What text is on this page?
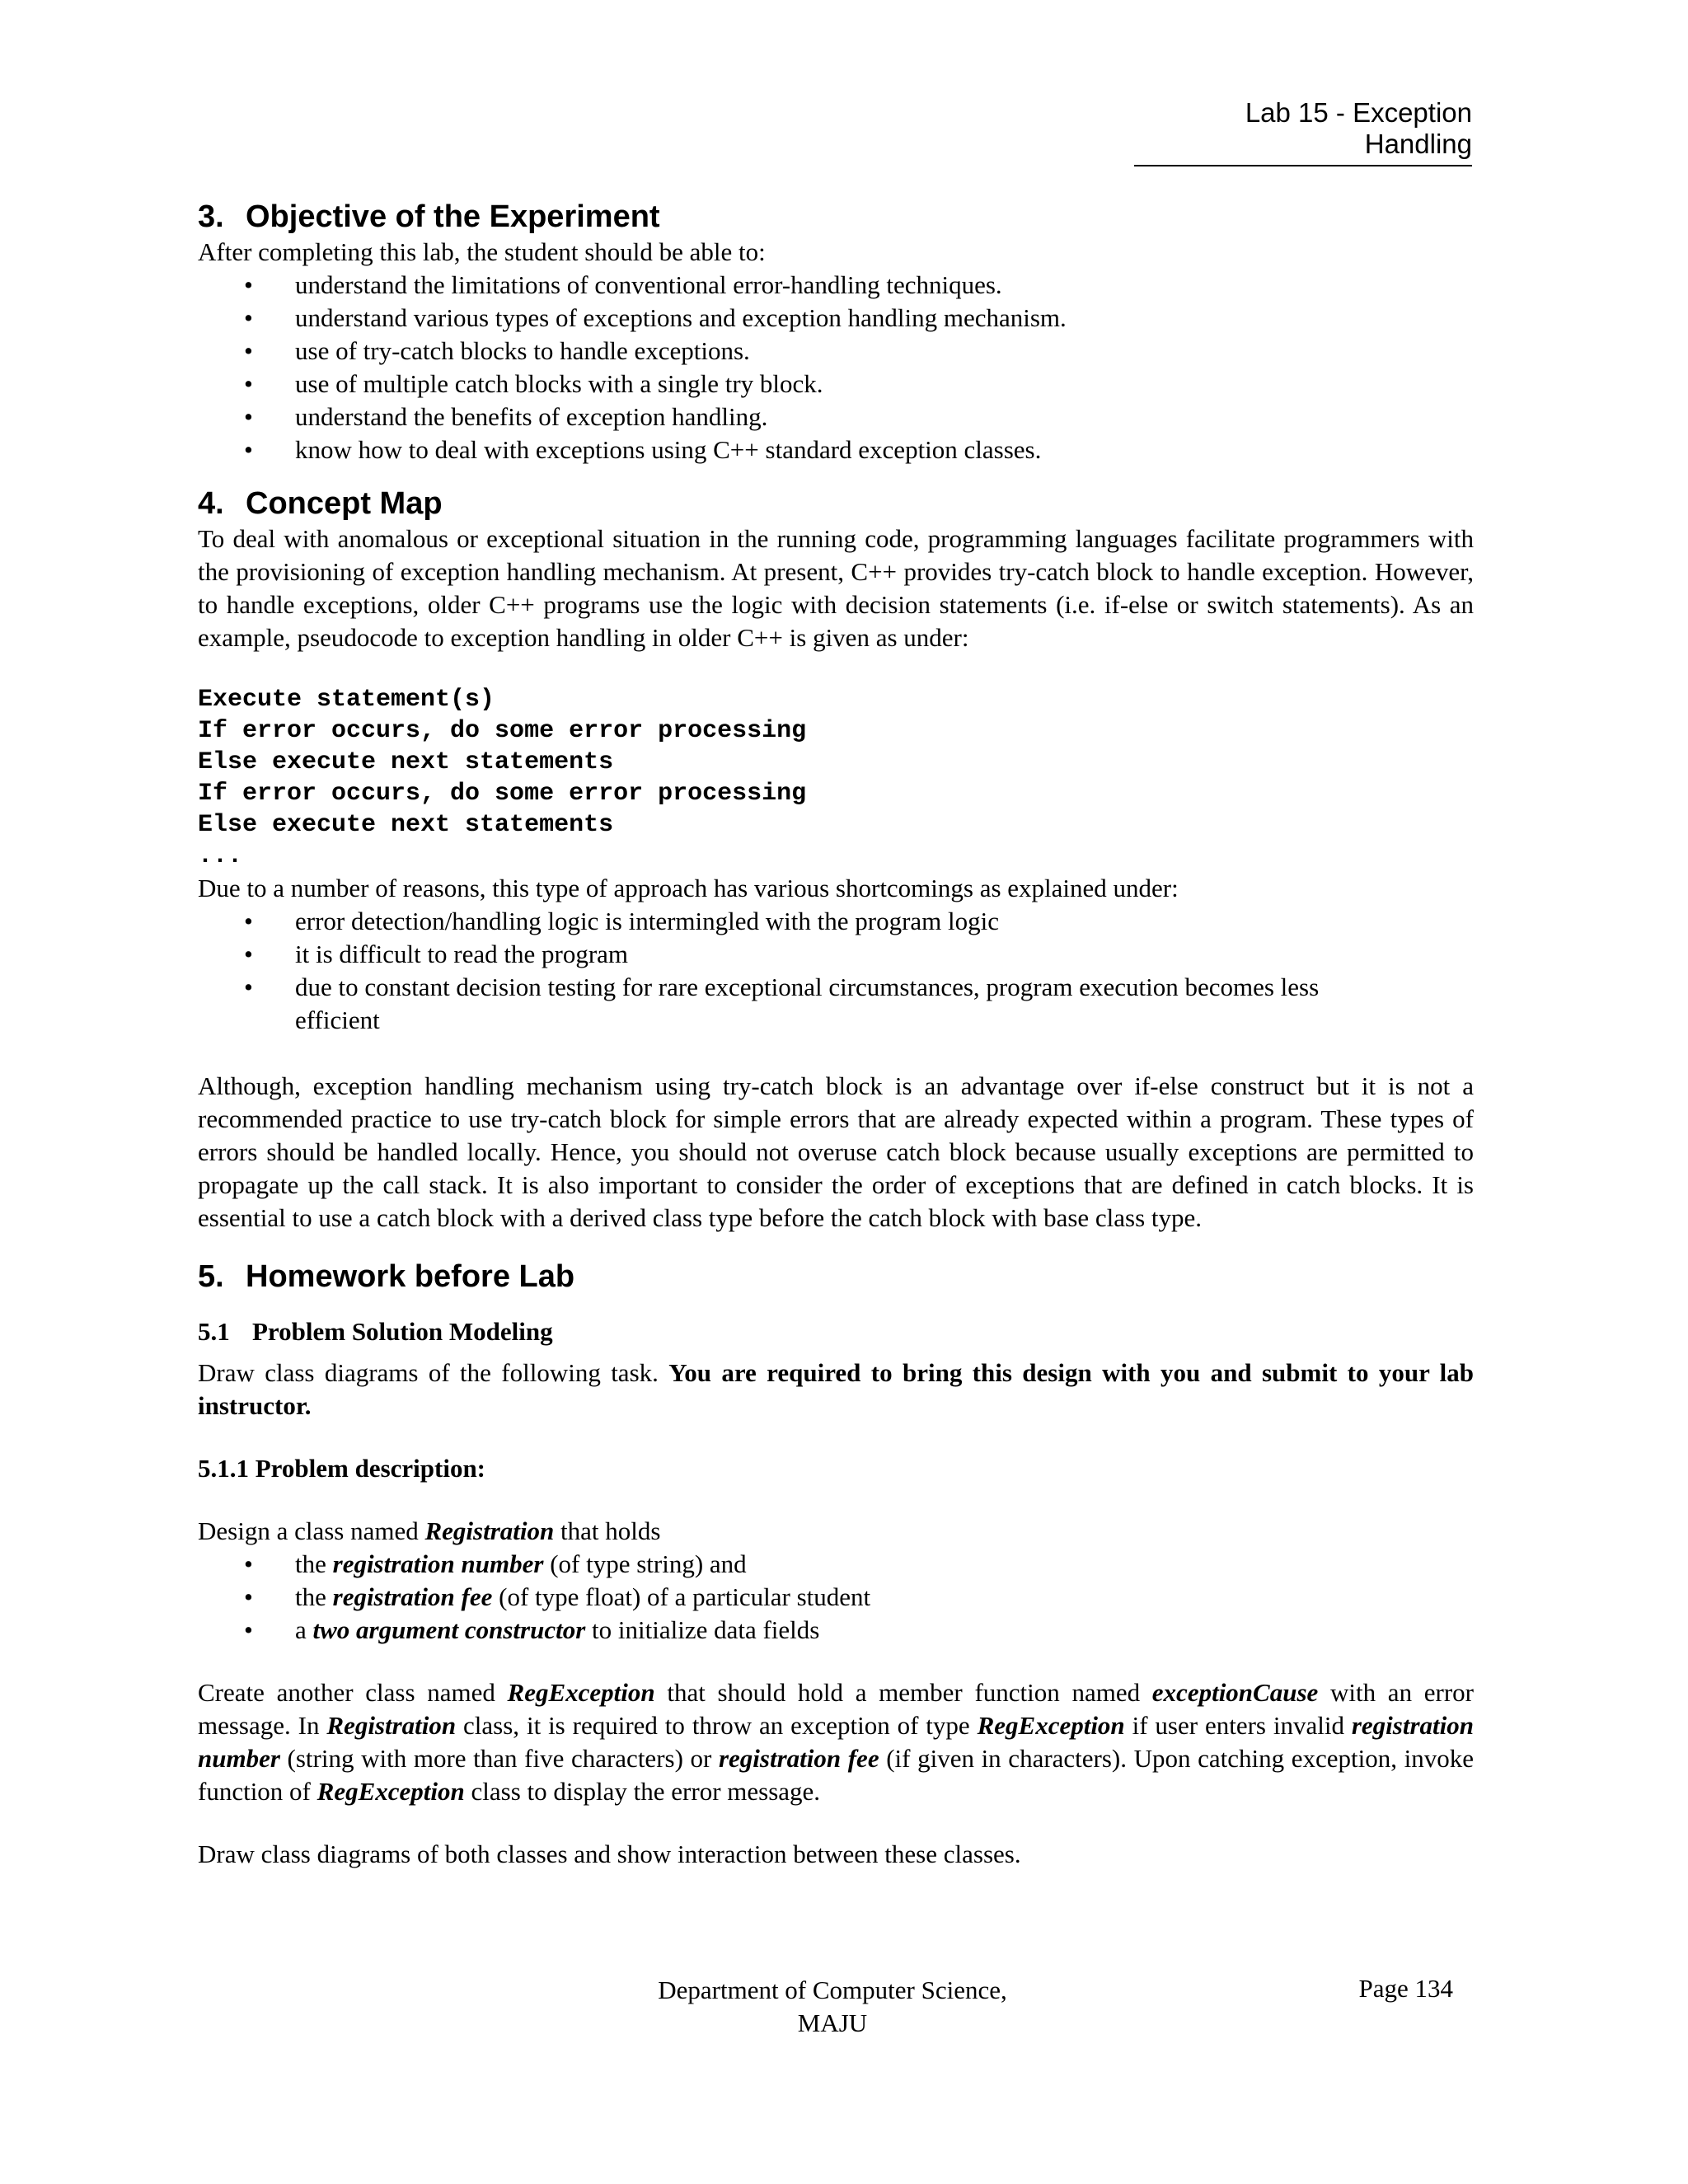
Lab 15 - Exception Handling
3. Objective of the Experiment

After completing this lab, the student should be able to:

• understand the limitations of conventional error-handling techniques.
• understand various types of exceptions and exception handling mechanism.
• use of try-catch blocks to handle exceptions.
• use of multiple catch blocks with a single try block.
• understand the benefits of exception handling.
• know how to deal with exceptions using C++ standard exception classes.
4. Concept Map

To deal with anomalous or exceptional situation in the running code, programming languages facilitate programmers with the provisioning of exception handling mechanism. At present, C++ provides try-catch block to handle exception. However, to handle exceptions, older C++ programs use the logic with decision statements (i.e. if-else or switch statements). As an example, pseudocode to exception handling in older C++ is given as under:

Execute statement(s)
If error occurs, do some error processing
Else execute next statements
If error occurs, do some error processing
Else execute next statements
...

Due to a number of reasons, this type of approach has various shortcomings as explained under:

• error detection/handling logic is intermingled with the program logic
• it is difficult to read the program
• due to constant decision testing for rare exceptional circumstances, program execution becomes less efficient

Although, exception handling mechanism using try-catch block is an advantage over if-else construct but it is not a recommended practice to use try-catch block for simple errors that are already expected within a program. These types of errors should be handled locally. Hence, you should not overuse catch block because usually exceptions are permitted to propagate up the call stack. It is also important to consider the order of exceptions that are defined in catch blocks. It is essential to use a catch block with a derived class type before the catch block with base class type.

5. Homework before Lab
5.1 Problem Solution Modeling

Draw class diagrams of the following task. You are required to bring this design with you and submit to your lab instructor.

5.1.1 Problem description:

Design a class named Registration that holds

• the registration number (of type string) and
• the registration fee (of type float) of a particular student
• a two argument constructor to initialize data fields

Create another class named RegException that should hold a member function named exceptionCause with an error message. In Registration class, it is required to throw an exception of type RegException if user enters invalid registration number (string with more than five characters) or registration fee (if given in characters). Upon catching exception, invoke function of RegException class to display the error message.

Draw class diagrams of both classes and show interaction between these classes.

Department of Computer Science,
MAJU
Page 134
